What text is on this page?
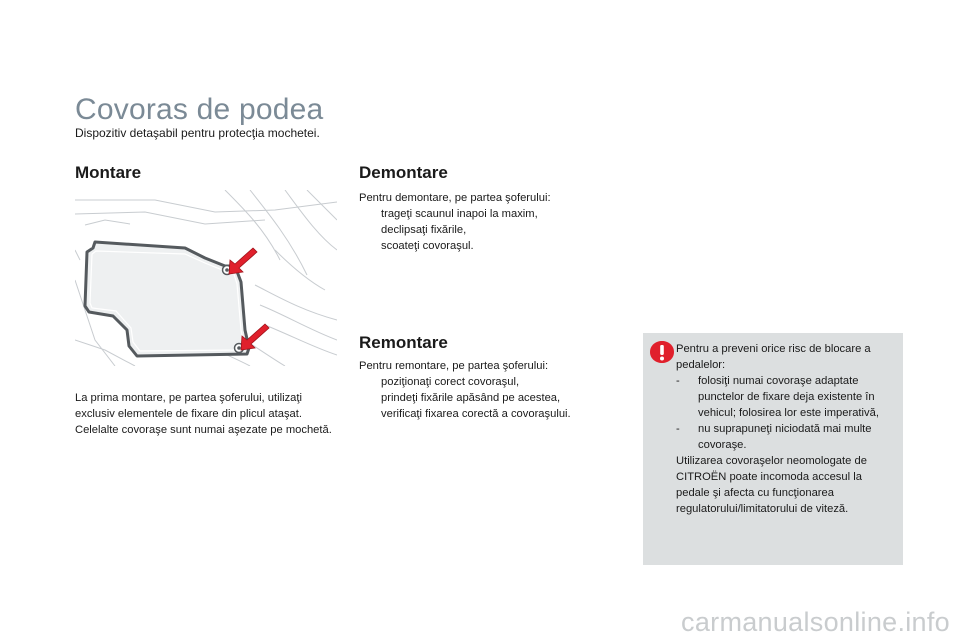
Covoras de podea
Dispozitiv detaşabil pentru protecţia mochetei.
Montare
La prima montare, pe partea şoferului, utilizaţi exclusiv elementele de fixare din plicul ataşat. Celelalte covoraşe sunt numai aşezate pe mochetă.
Demontare
Pentru demontare, pe partea şoferului:
trageţi scaunul inapoi la maxim,
declipsaţi fixările,
scoateţi covoraşul.
Remontare
Pentru remontare, pe partea şoferului:
poziţionaţi corect covoraşul,
prindeţi fixările apăsând pe acestea,
verificaţi fixarea corectă a covoraşului.
Pentru a preveni orice risc de blocare a pedalelor:
- folosiţi numai covoraşe adaptate punctelor de fixare deja existente în vehicul; folosirea lor este imperativă,
- nu suprapuneţi niciodată mai multe covoraşe.
Utilizarea covoraşelor neomologate de CITROËN poate incomoda accesul la pedale şi afecta cu funcţionarea regulatorului/limitatorului de viteză.
carmanualsonline.info
